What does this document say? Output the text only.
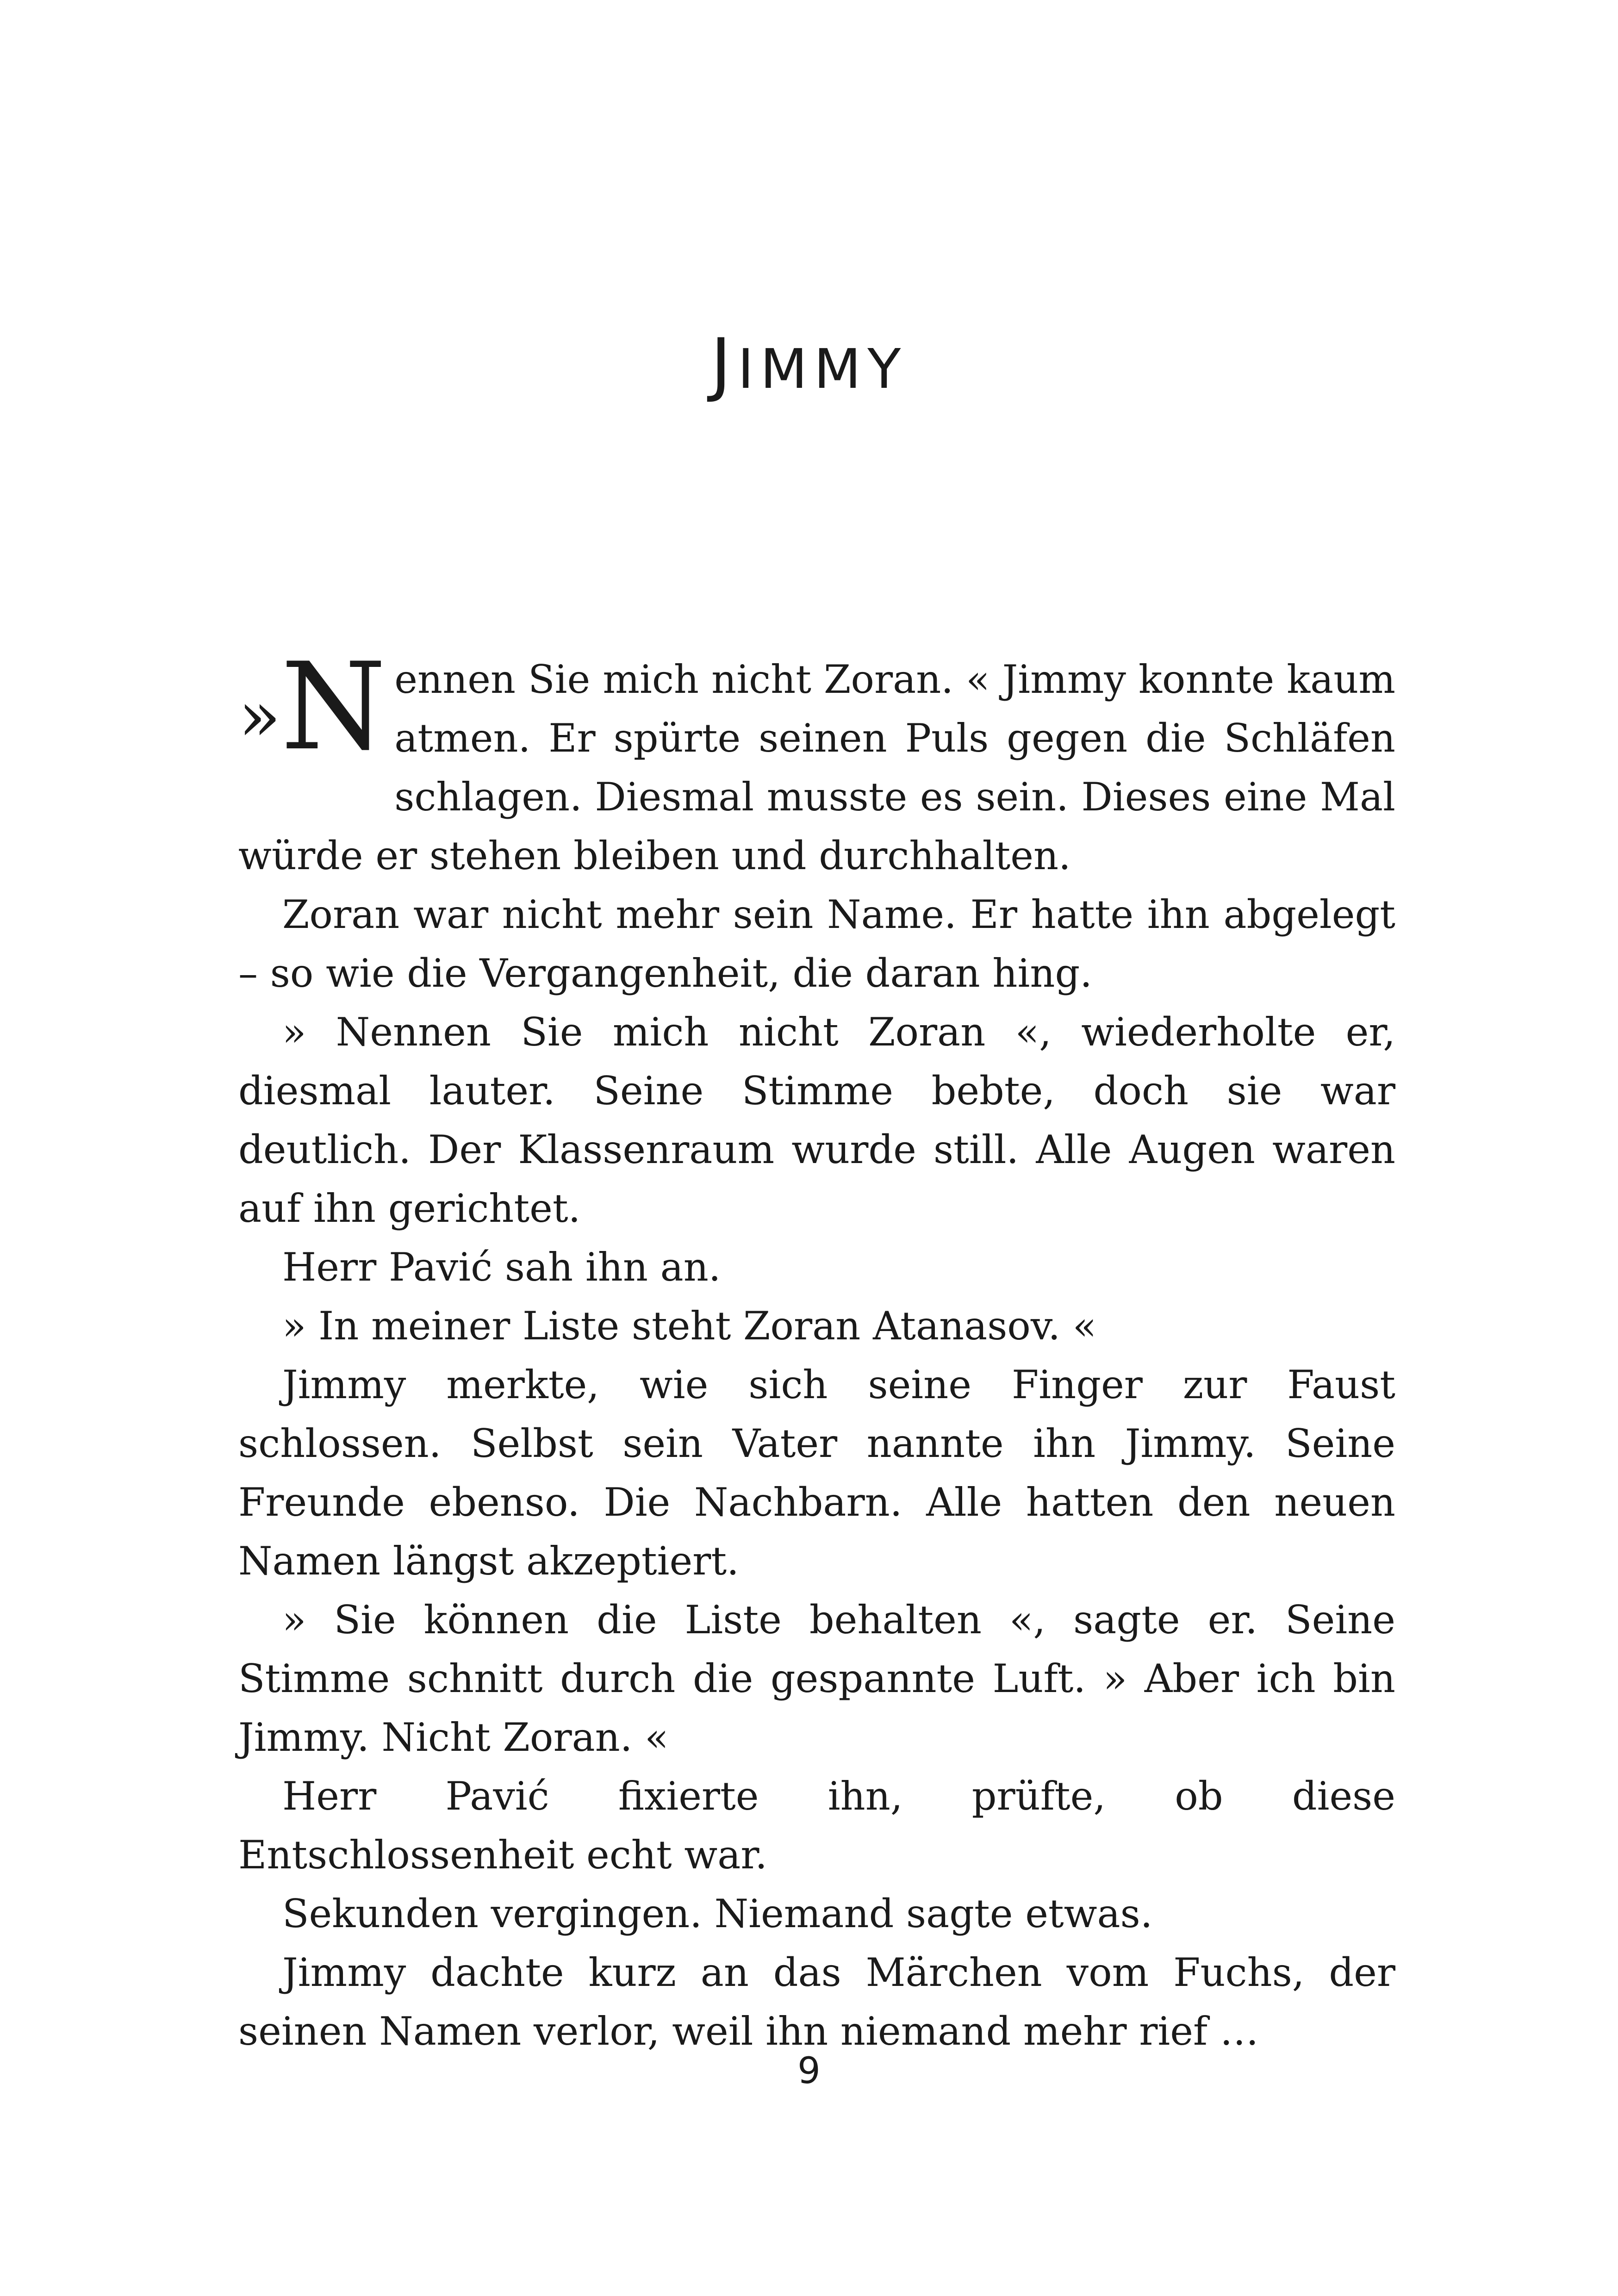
JIMMY

» N ennen Sie mich nicht Zoran. « Jimmy konnte kaum atmen. Er spürte seinen Puls gegen die Schläfen schlagen. Diesmal musste es sein. Dieses eine Mal würde er stehen bleiben und durchhalten.

Zoran war nicht mehr sein Name. Er hatte ihn abgelegt – so wie die Vergangenheit, die daran hing.

» Nennen Sie mich nicht Zoran «, wiederholte er, diesmal lauter. Seine Stimme bebte, doch sie war deutlich. Der Klassenraum wurde still. Alle Augen waren auf ihn gerichtet.

Herr Pavić sah ihn an.

» In meiner Liste steht Zoran Atanasov. «

Jimmy merkte, wie sich seine Finger zur Faust schlossen. Selbst sein Vater nannte ihn Jimmy. Seine Freunde ebenso. Die Nachbarn. Alle hatten den neuen Namen längst akzeptiert.

» Sie können die Liste behalten «, sagte er. Seine Stimme schnitt durch die gespannte Luft. » Aber ich bin Jimmy. Nicht Zoran. «

Herr Pavić fixierte ihn, prüfte, ob diese Entschlossenheit echt war.

Sekunden vergingen. Niemand sagte etwas.

Jimmy dachte kurz an das Märchen vom Fuchs, der seinen Namen verlor, weil ihn niemand mehr rief …

9
